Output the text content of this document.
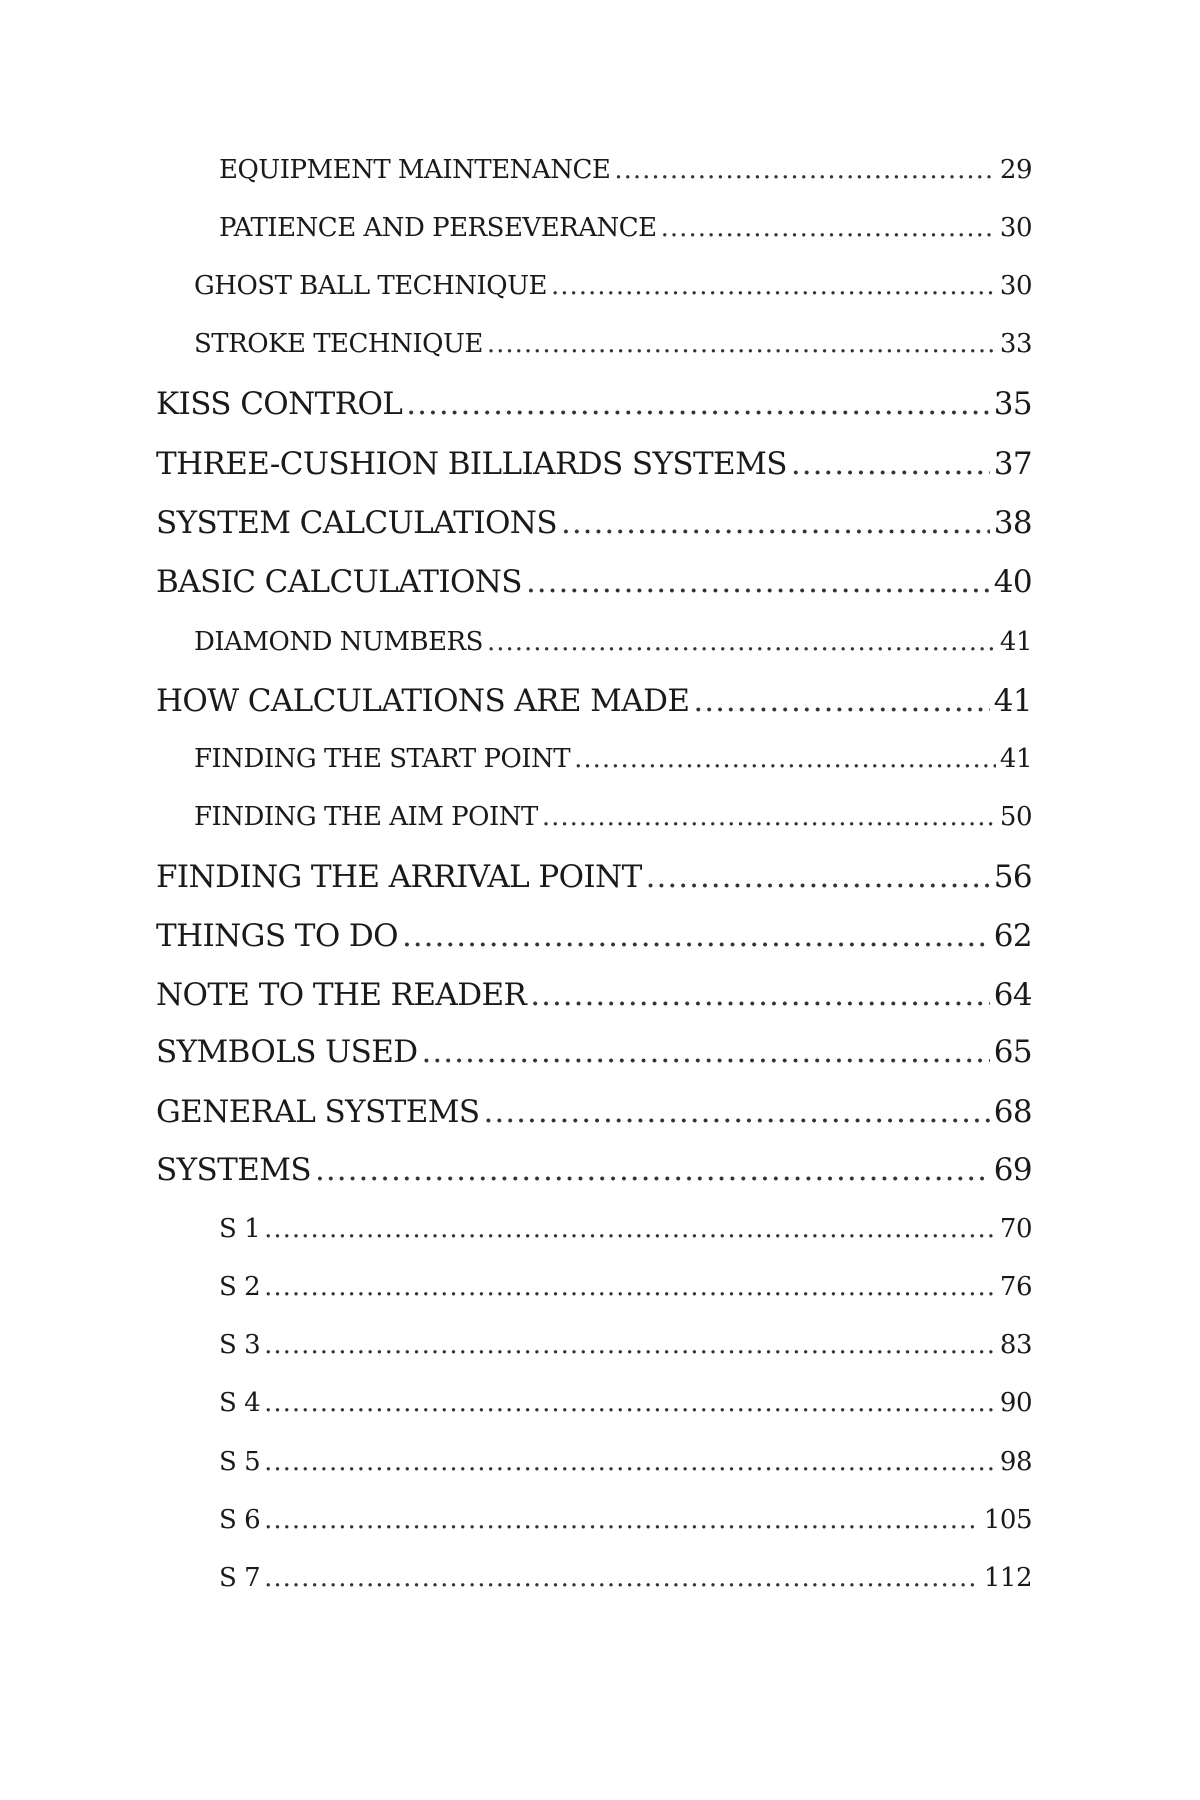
EQUIPMENT MAINTENANCE .....	29
PATIENCE AND PERSEVERANCE .....	30
GHOST BALL TECHNIQUE .....	30
STROKE TECHNIQUE .....	33
KISS CONTROL .....	35
THREE-CUSHION BILLIARDS SYSTEMS .....	37
SYSTEM CALCULATIONS .....	38
BASIC CALCULATIONS .....	40
DIAMOND NUMBERS .....	41
HOW CALCULATIONS ARE MADE .....	41
FINDING THE START POINT .....	41
FINDING THE AIM POINT .....	50
FINDING THE ARRIVAL POINT .....	56
THINGS TO DO .....	62
NOTE TO THE READER .....	64
SYMBOLS USED .....	65
GENERAL SYSTEMS .....	68
SYSTEMS .....	69
S 1 .....	70
S 2 .....	76
S 3 .....	83
S 4 .....	90
S 5 .....	98
S 6 .....	105
S 7 .....	112
